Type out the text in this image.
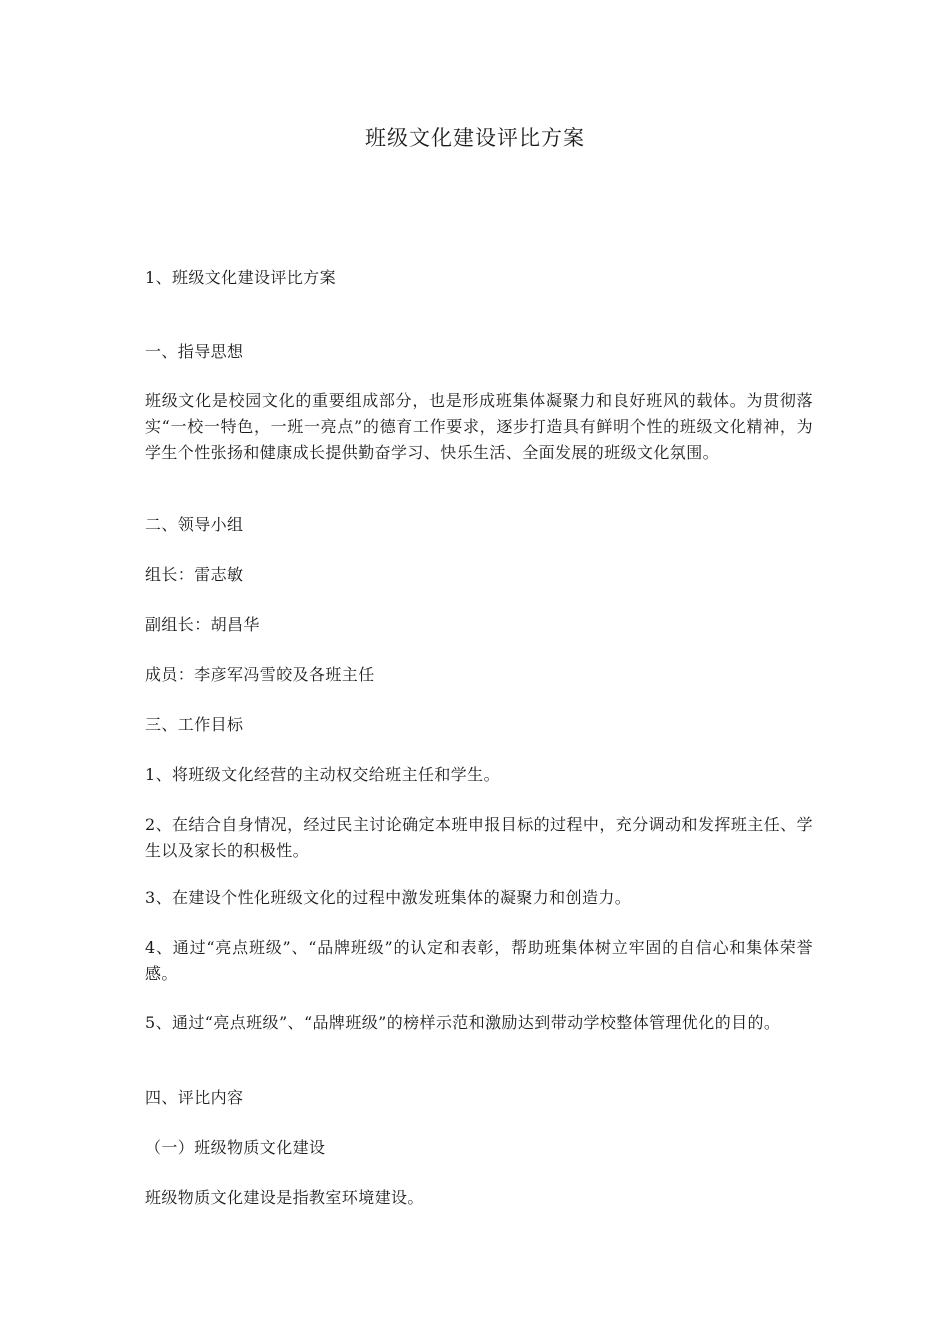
班级文化建设评比方案
1、班级文化建设评比方案
一、指导思想
班级文化是校园文化的重要组成部分，也是形成班集体凝聚力和良好班风的载体。为贯彻落实“一校一特色，一班一亮点”的德育工作要求，逐步打造具有鲜明个性的班级文化精神，为学生个性张扬和健康成长提供勤奋学习、快乐生活、全面发展的班级文化氛围。
二、领导小组
组长：雷志敏
副组长：胡昌华
成员：李彦军冯雪皎及各班主任
三、工作目标
1、将班级文化经营的主动权交给班主任和学生。
2、在结合自身情况，经过民主讨论确定本班申报目标的过程中，充分调动和发挥班主任、学生以及家长的积极性。
3、在建设个性化班级文化的过程中激发班集体的凝聚力和创造力。
4、通过“亮点班级”、“品牌班级”的认定和表彰，帮助班集体树立牢固的自信心和集体荣誉感。
5、通过“亮点班级”、“品牌班级”的榜样示范和激励达到带动学校整体管理优化的目的。
四、评比内容
（一）班级物质文化建设
班级物质文化建设是指教室环境建设。
